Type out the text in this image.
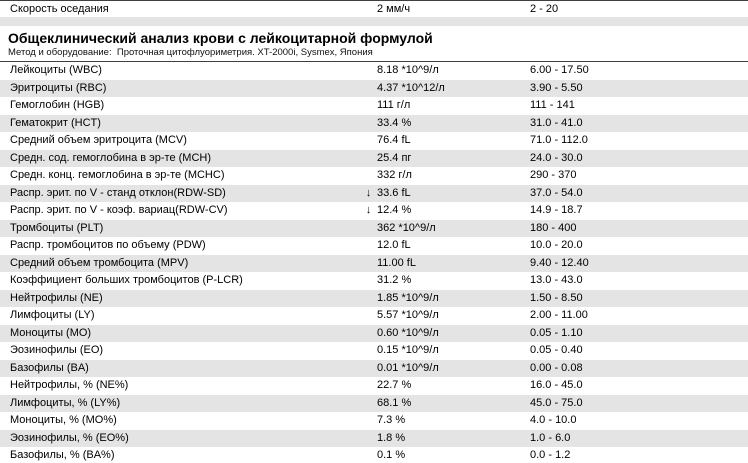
Скорость оседания	2 мм/ч	2 - 20
Общеклинический анализ крови с лейкоцитарной формулой
Метод и оборудование:  Проточная цитофлуориметрия. XT-2000i, Sysmex, Япония
Лейкоциты (WBC)	8.18 *10^9/л	6.00 - 17.50
Эритроциты (RBC)	4.37 *10^12/л	3.90 - 5.50
Гемоглобин (HGB)	111 г/л	111 - 141
Гематокрит (HCT)	33.4 %	31.0 - 41.0
Средний объем эритроцита (MCV)	76.4 fL	71.0 - 112.0
Средн. сод. гемоглобина в эр-те (MCH)	25.4 пг	24.0 - 30.0
Средн. конц. гемоглобина в эр-те (MCHC)	332 г/л	290 - 370
Распр. эрит. по V - станд отклон(RDW-SD)	↓ 33.6 fL	37.0 - 54.0
Распр. эрит. по V - коэф. вариац(RDW-CV)	↓ 12.4 %	14.9 - 18.7
Тромбоциты (PLT)	362 *10^9/л	180 - 400
Распр. тромбоцитов по объему (PDW)	12.0 fL	10.0 - 20.0
Средний объем тромбоцита (MPV)	11.00 fL	9.40 - 12.40
Коэффициент больших тромбоцитов (P-LCR)	31.2 %	13.0 - 43.0
Нейтрофилы (NE)	1.85 *10^9/л	1.50 - 8.50
Лимфоциты (LY)	5.57 *10^9/л	2.00 - 11.00
Моноциты (MO)	0.60 *10^9/л	0.05 - 1.10
Эозинофилы (EO)	0.15 *10^9/л	0.05 - 0.40
Базофилы (BA)	0.01 *10^9/л	0.00 - 0.08
Нейтрофилы, % (NE%)	22.7 %	16.0 - 45.0
Лимфоциты, % (LY%)	68.1 %	45.0 - 75.0
Моноциты, % (MO%)	7.3 %	4.0 - 10.0
Эозинофилы, % (EO%)	1.8 %	1.0 - 6.0
Базофилы, % (BA%)	0.1 %	0.0 - 1.2
